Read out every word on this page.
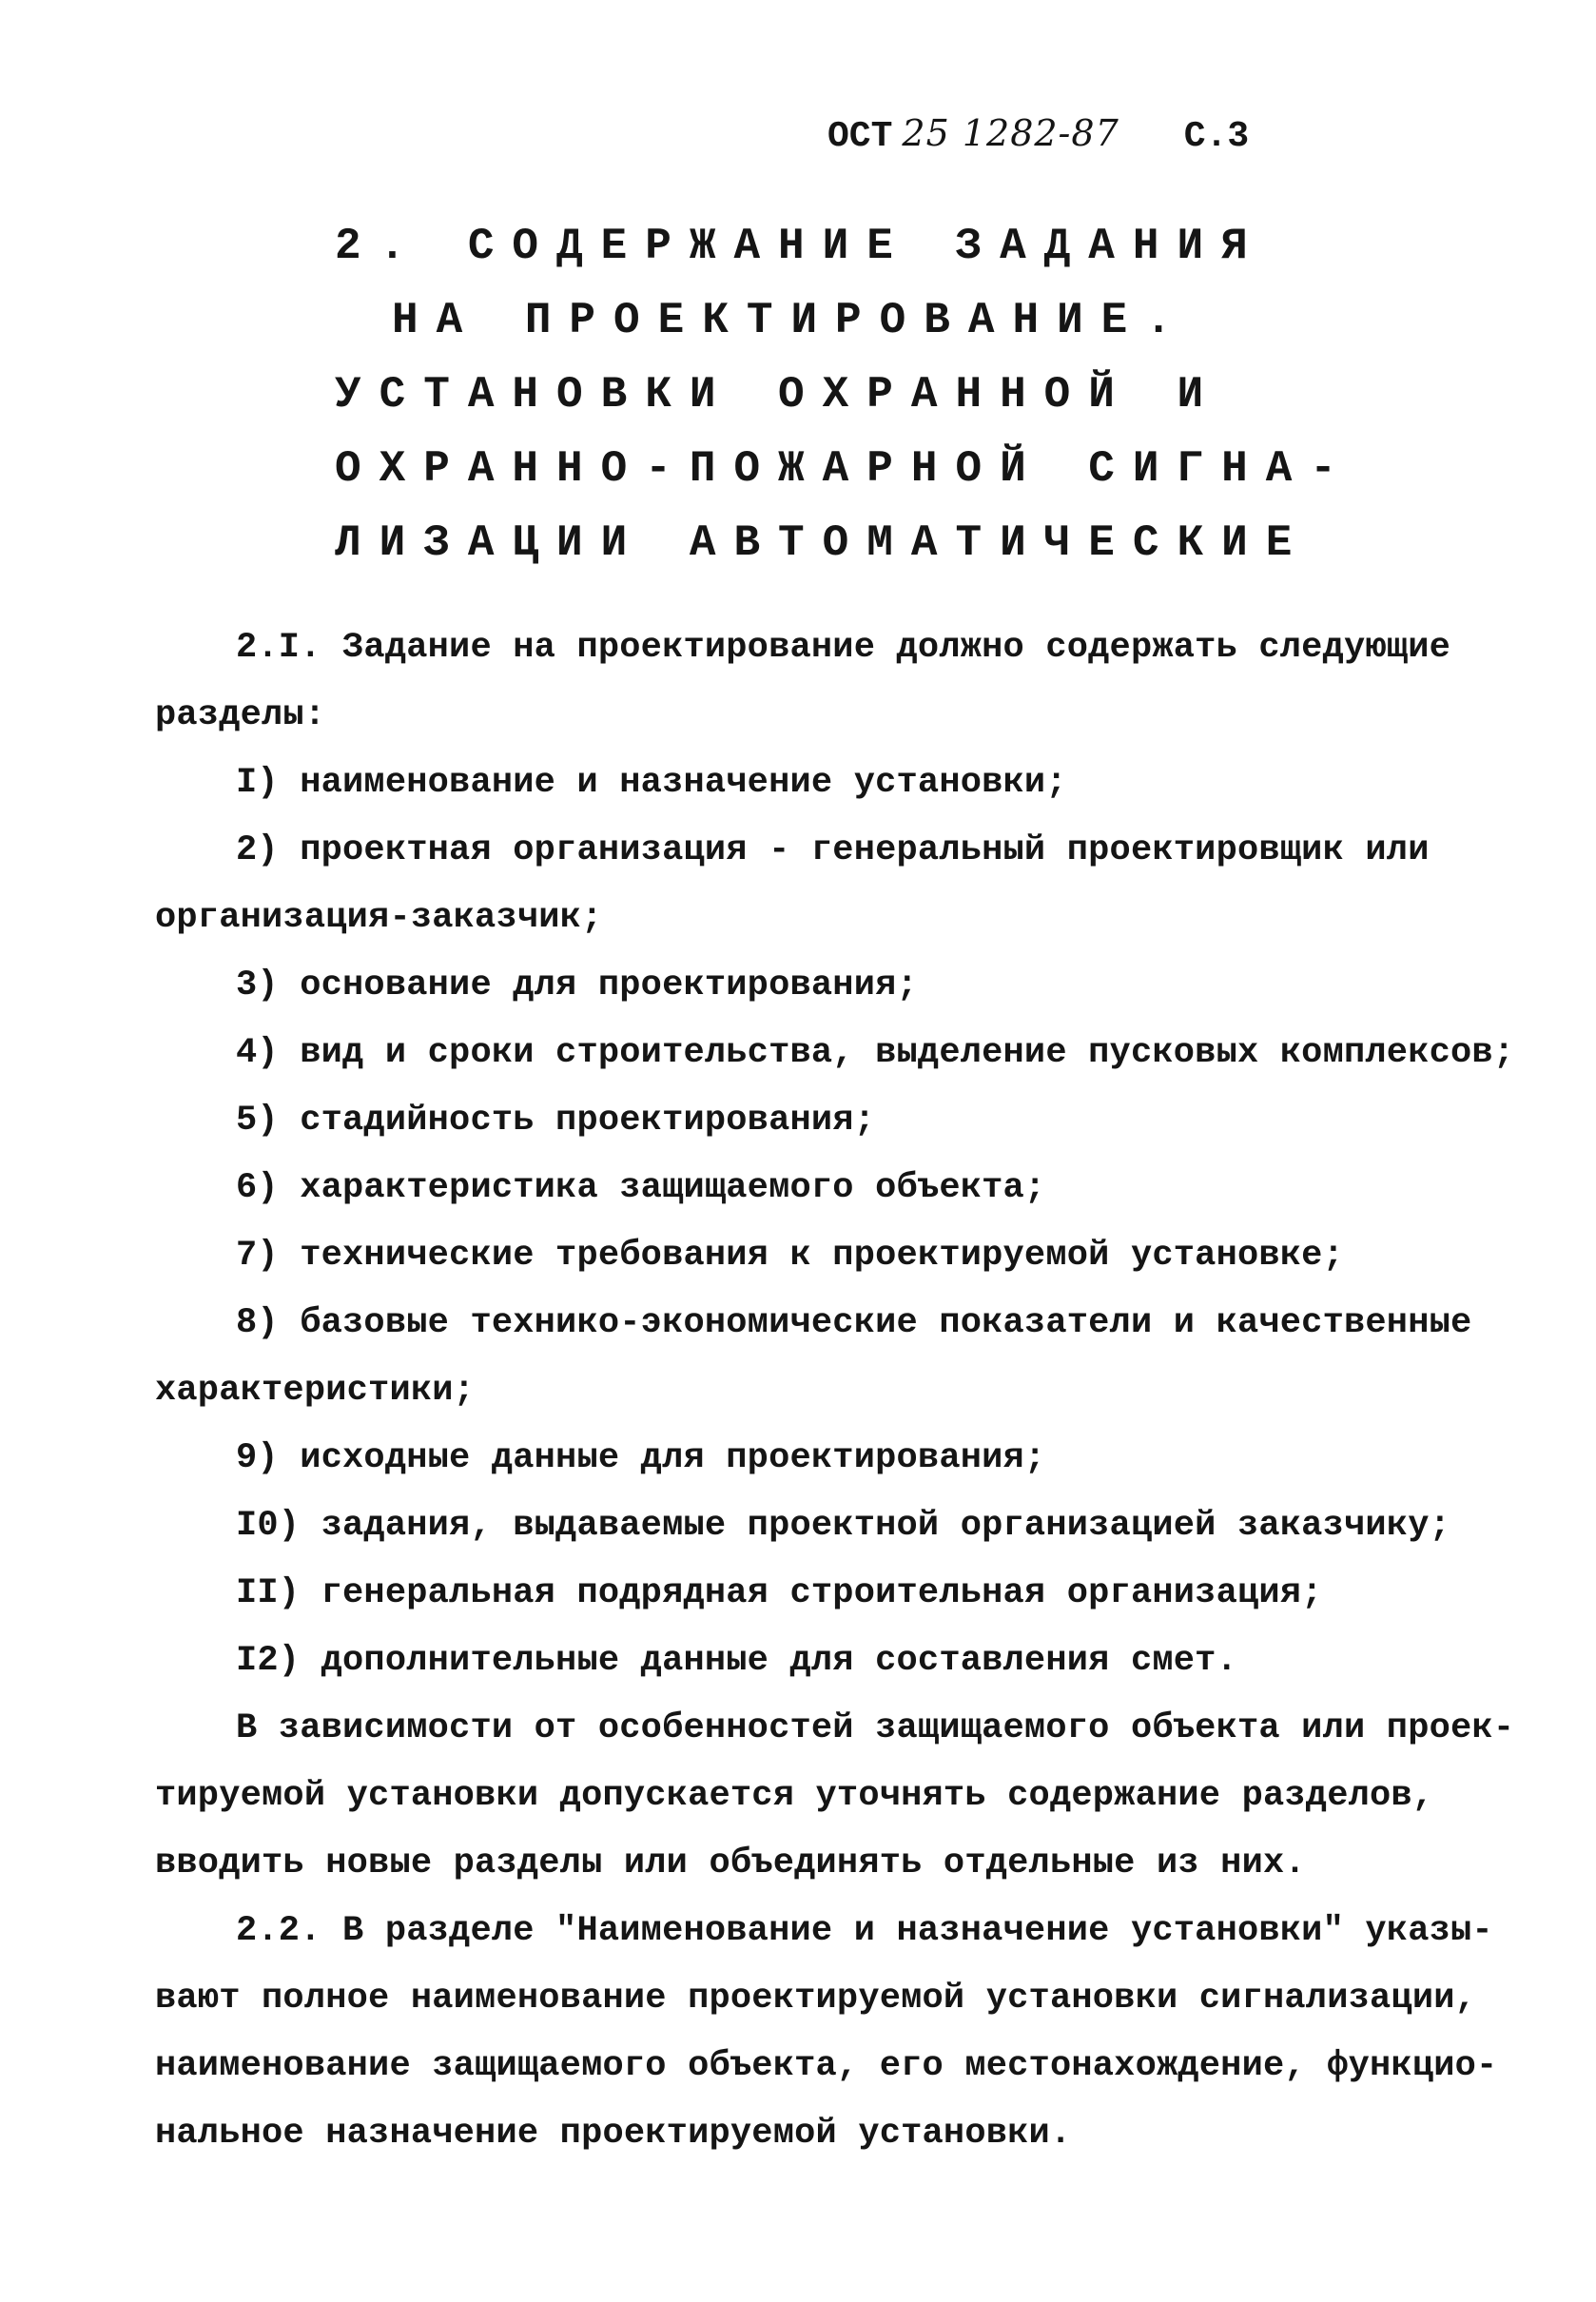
ОСТ 25 1282-87 С.3
2. СОДЕРЖАНИЕ ЗАДАНИЯ
НА ПРОЕКТИРОВАНИЕ.
УСТАНОВКИ ОХРАННОЙ И
ОХРАННО-ПОЖАРНОЙ СИГНА-
ЛИЗАЦИИ АВТОМАТИЧЕСКИЕ
2.I. Задание на проектирование должно содержать следующие
разделы:
I) наименование и назначение установки;
2) проектная организация - генеральный проектировщик или
организация-заказчик;
3) основание для проектирования;
4) вид и сроки строительства, выделение пусковых комплексов;
5) стадийность проектирования;
6) характеристика защищаемого объекта;
7) технические требования к проектируемой установке;
8) базовые технико-экономические показатели и качественные
характеристики;
9) исходные данные для проектирования;
I0) задания, выдаваемые проектной организацией заказчику;
II) генеральная подрядная строительная организация;
I2) дополнительные данные для составления смет.
В зависимости от особенностей защищаемого объекта или проек-
тируемой установки допускается уточнять содержание разделов,
вводить новые разделы или объединять отдельные из них.
2.2. В разделе "Наименование и назначение установки" указы-
вают полное наименование проектируемой установки сигнализации,
наименование защищаемого объекта, его местонахождение, функцио-
нальное назначение проектируемой установки.
